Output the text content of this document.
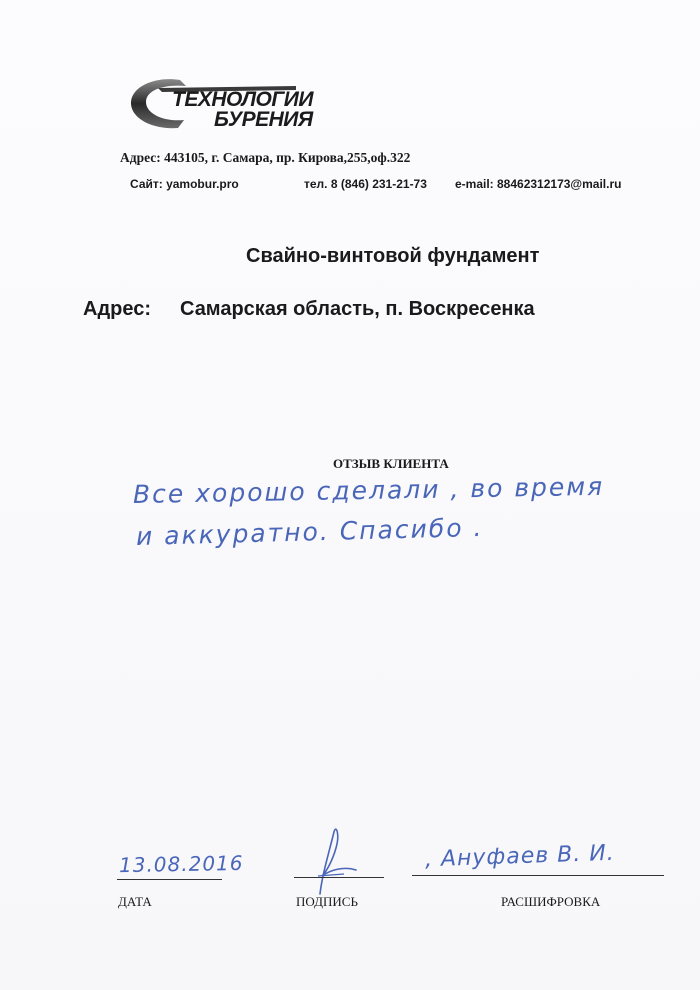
ТЕХНОЛОГИИ
БУРЕНИЯ
Адрес: 443105, г. Самара, пр. Кирова,255,оф.322
Сайт: yamobur.pro	тел. 8 (846) 231-21-73 e-mail: 88462312173@mail.ru
Свайно-винтовой фундамент
Адрес: Самарская область, п. Воскресенка
ОТЗЫВ КЛИЕНТА
Все хорошо сделали , во время
и аккуратно. Спасибо .
13.08.2016	, Ануфаев В. И.
ДАТА	ПОДПИСЬ	РАСШИФРОВКА
